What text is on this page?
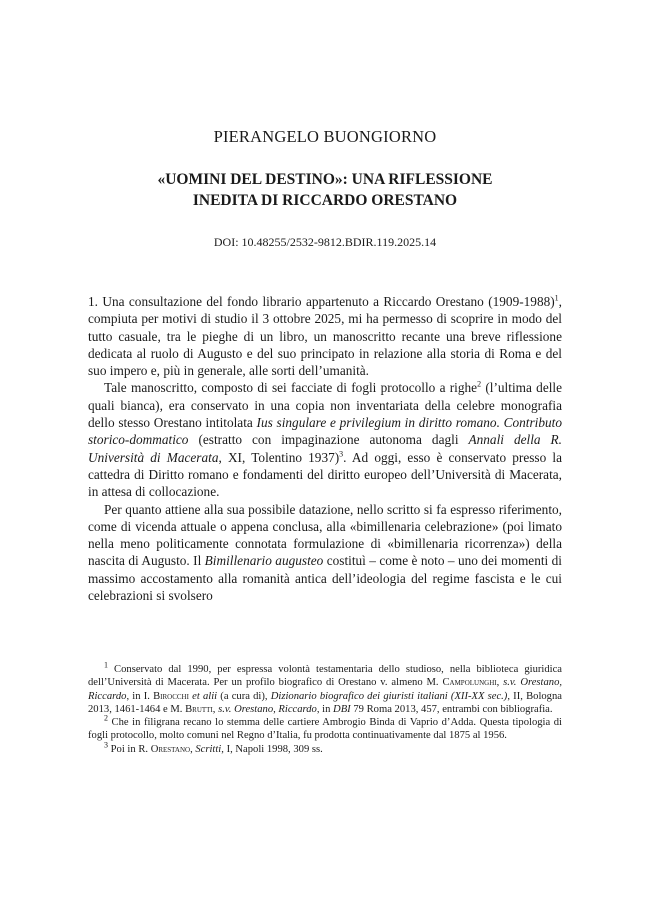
PIERANGELO BUONGIORNO
«UOMINI DEL DESTINO»: UNA RIFLESSIONE
INEDITA DI RICCARDO ORESTANO
DOI: 10.48255/2532-9812.BDIR.119.2025.14

1. Una consultazione del fondo librario appartenuto a Riccardo Orestano (1909-1988)$^1$, compiuta per motivi di studio il 3 ottobre 2025, mi ha permesso di scoprire in modo del tutto casuale, tra le pieghe di un libro, un manoscritto recante una breve riflessione dedicata al ruolo di Augusto e del suo principato in relazione alla storia di Roma e del suo impero e, più in generale, alle sorti dell’umanità.

Tale manoscritto, composto di sei facciate di fogli protocollo a righe$^2$ (l’ultima delle quali bianca), era conservato in una copia non inventariata della celebre monografia dello stesso Orestano intitolata Ius singulare e privilegium in diritto romano. Contributo storico-dommatico (estratto con impaginazione autonoma dagli Annali della R. Università di Macerata, XI, Tolentino 1937)$^3$. Ad oggi, esso è conservato presso la cattedra di Diritto romano e fondamenti del diritto europeo dell’Università di Macerata, in attesa di collocazione.

Per quanto attiene alla sua possibile datazione, nello scritto si fa espresso riferimento, come di vicenda attuale o appena conclusa, alla «bimillenaria celebrazione» (poi limato nella meno politicamente connotata formulazione di «bimillenaria ricorrenza») della nascita di Augusto. Il Bimillenario augusteo costituì – come è noto – uno dei momenti di massimo accostamento alla romanità antica dell’ideologia del regime fascista e le cui celebrazioni si svolsero

$^1$ Conservato dal 1990, per espressa volontà testamentaria dello studioso, nella biblioteca giuridica dell’Università di Macerata. Per un profilo biografico di Orestano v. almeno M. Campolunghi, s.v. Orestano, Riccardo, in I. Birocchi et alii (a cura di), Dizionario biografico dei giuristi italiani (XII-XX sec.), II, Bologna 2013, 1461-1464 e M. Brutti, s.v. Orestano, Riccardo, in DBI 79 Roma 2013, 457, entrambi con bibliografia.

$^2$ Che in filigrana recano lo stemma delle cartiere Ambrogio Binda di Vaprio d’Adda. Questa tipologia di fogli protocollo, molto comuni nel Regno d’Italia, fu prodotta continuativamente dal 1875 al 1956.

$^3$ Poi in R. Orestano, Scritti, I, Napoli 1998, 309 ss.
